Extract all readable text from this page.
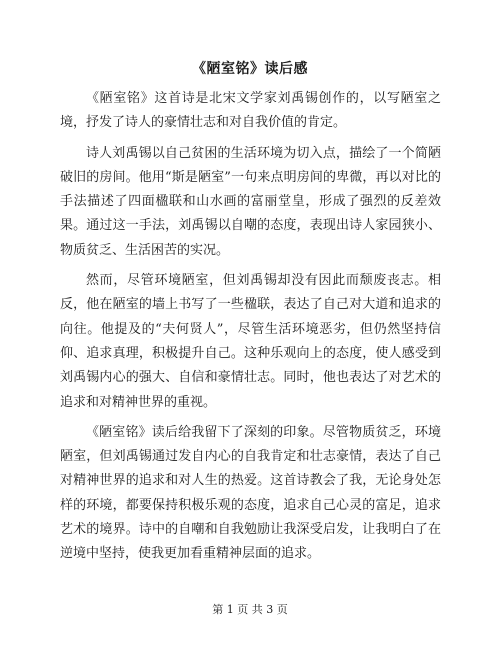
《陋室铭》读后感

《陋室铭》这首诗是北宋文学家刘禹锡创作的，以写陋室之境，抒发了诗人的豪情壮志和对自我价值的肯定。

诗人刘禹锡以自己贫困的生活环境为切入点，描绘了一个简陋破旧的房间。他用“斯是陋室”一句来点明房间的卑微，再以对比的手法描述了四面楹联和山水画的富丽堂皇，形成了强烈的反差效果。通过这一手法，刘禹锡以自嘲的态度，表现出诗人家园狭小、物质贫乏、生活困苦的实况。

然而，尽管环境陋室，但刘禹锡却没有因此而颓废丧志。相反，他在陋室的墙上书写了一些楹联，表达了自己对大道和追求的向往。他提及的“夫何贤人”，尽管生活环境恶劣，但仍然坚持信仰、追求真理，积极提升自己。这种乐观向上的态度，使人感受到刘禹锡内心的强大、自信和豪情壮志。同时，他也表达了对艺术的追求和对精神世界的重视。

《陋室铭》读后给我留下了深刻的印象。尽管物质贫乏，环境陋室，但刘禹锡通过发自内心的自我肯定和壮志豪情，表达了自己对精神世界的追求和对人生的热爱。这首诗教会了我，无论身处怎样的环境，都要保持积极乐观的态度，追求自己心灵的富足，追求艺术的境界。诗中的自嘲和自我勉励让我深受启发，让我明白了在逆境中坚持，使我更加看重精神层面的追求。

第 1 页 共 3 页
